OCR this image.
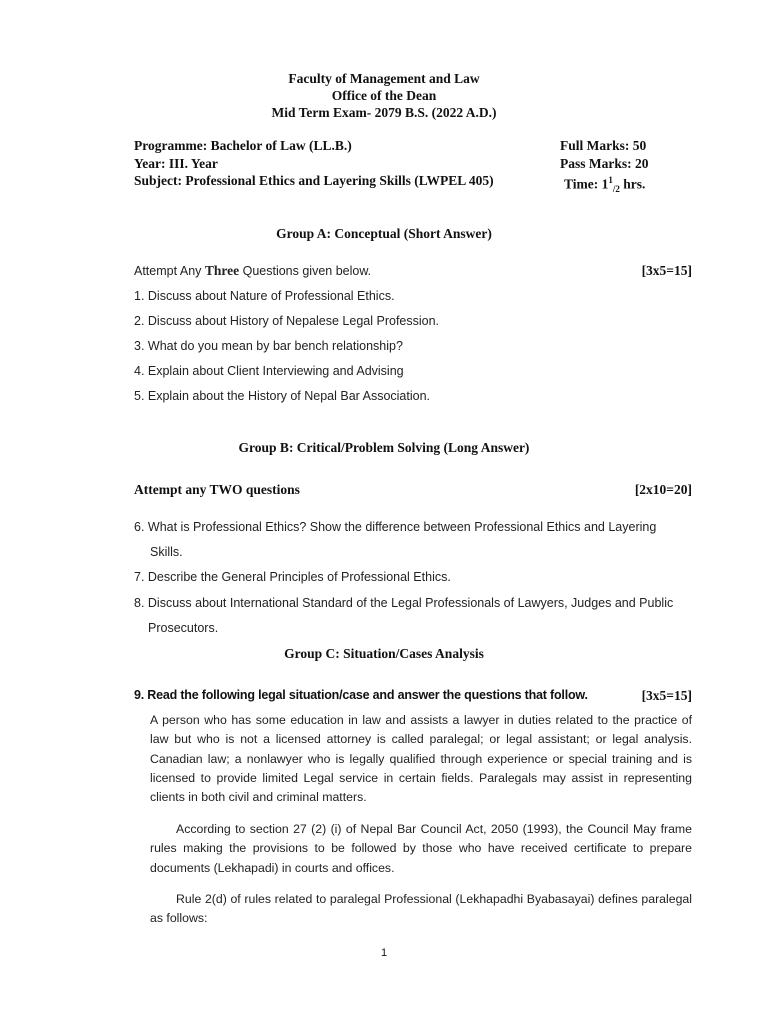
Faculty of Management and Law
Office of the Dean
Mid Term Exam- 2079 B.S. (2022 A.D.)
Programme: Bachelor of Law (LL.B.)
Year: III. Year
Subject: Professional Ethics and Layering Skills (LWPEL 405)
Full Marks: 50
Pass Marks: 20
Time: $1^1_{/2}$ hrs.
Group A: Conceptual (Short Answer)
Attempt Any Three Questions given below.	[3x5=15]
1. Discuss about Nature of Professional Ethics.
2. Discuss about History of Nepalese Legal Profession.
3. What do you mean by bar bench relationship?
4. Explain about Client Interviewing and Advising
5. Explain about the History of Nepal Bar Association.
Group B: Critical/Problem Solving (Long Answer)
Attempt any TWO questions	[2x10=20]
6. What is Professional Ethics? Show the difference between Professional Ethics and Layering
Skills.
7. Describe the General Principles of Professional Ethics.
8. Discuss about International Standard of the Legal Professionals of Lawyers, Judges and Public
Prosecutors.
Group C: Situation/Cases Analysis
9. Read the following legal situation/case and answer the questions that follow.	[3x5=15]
A person who has some education in law and assists a lawyer in duties related to the practice of law but who is not a licensed attorney is called paralegal; or legal assistant; or legal analysis. Canadian law; a nonlawyer who is legally qualified through experience or special training and is licensed to provide limited Legal service in certain fields. Paralegals may assist in representing clients in both civil and criminal matters.
According to section 27 (2) (i) of Nepal Bar Council Act, 2050 (1993), the Council May frame rules making the provisions to be followed by those who have received certificate to prepare documents (Lekhapadi) in courts and offices.
Rule 2(d) of rules related to paralegal Professional (Lekhapadhi Byabasayai) defines paralegal as follows:
1
